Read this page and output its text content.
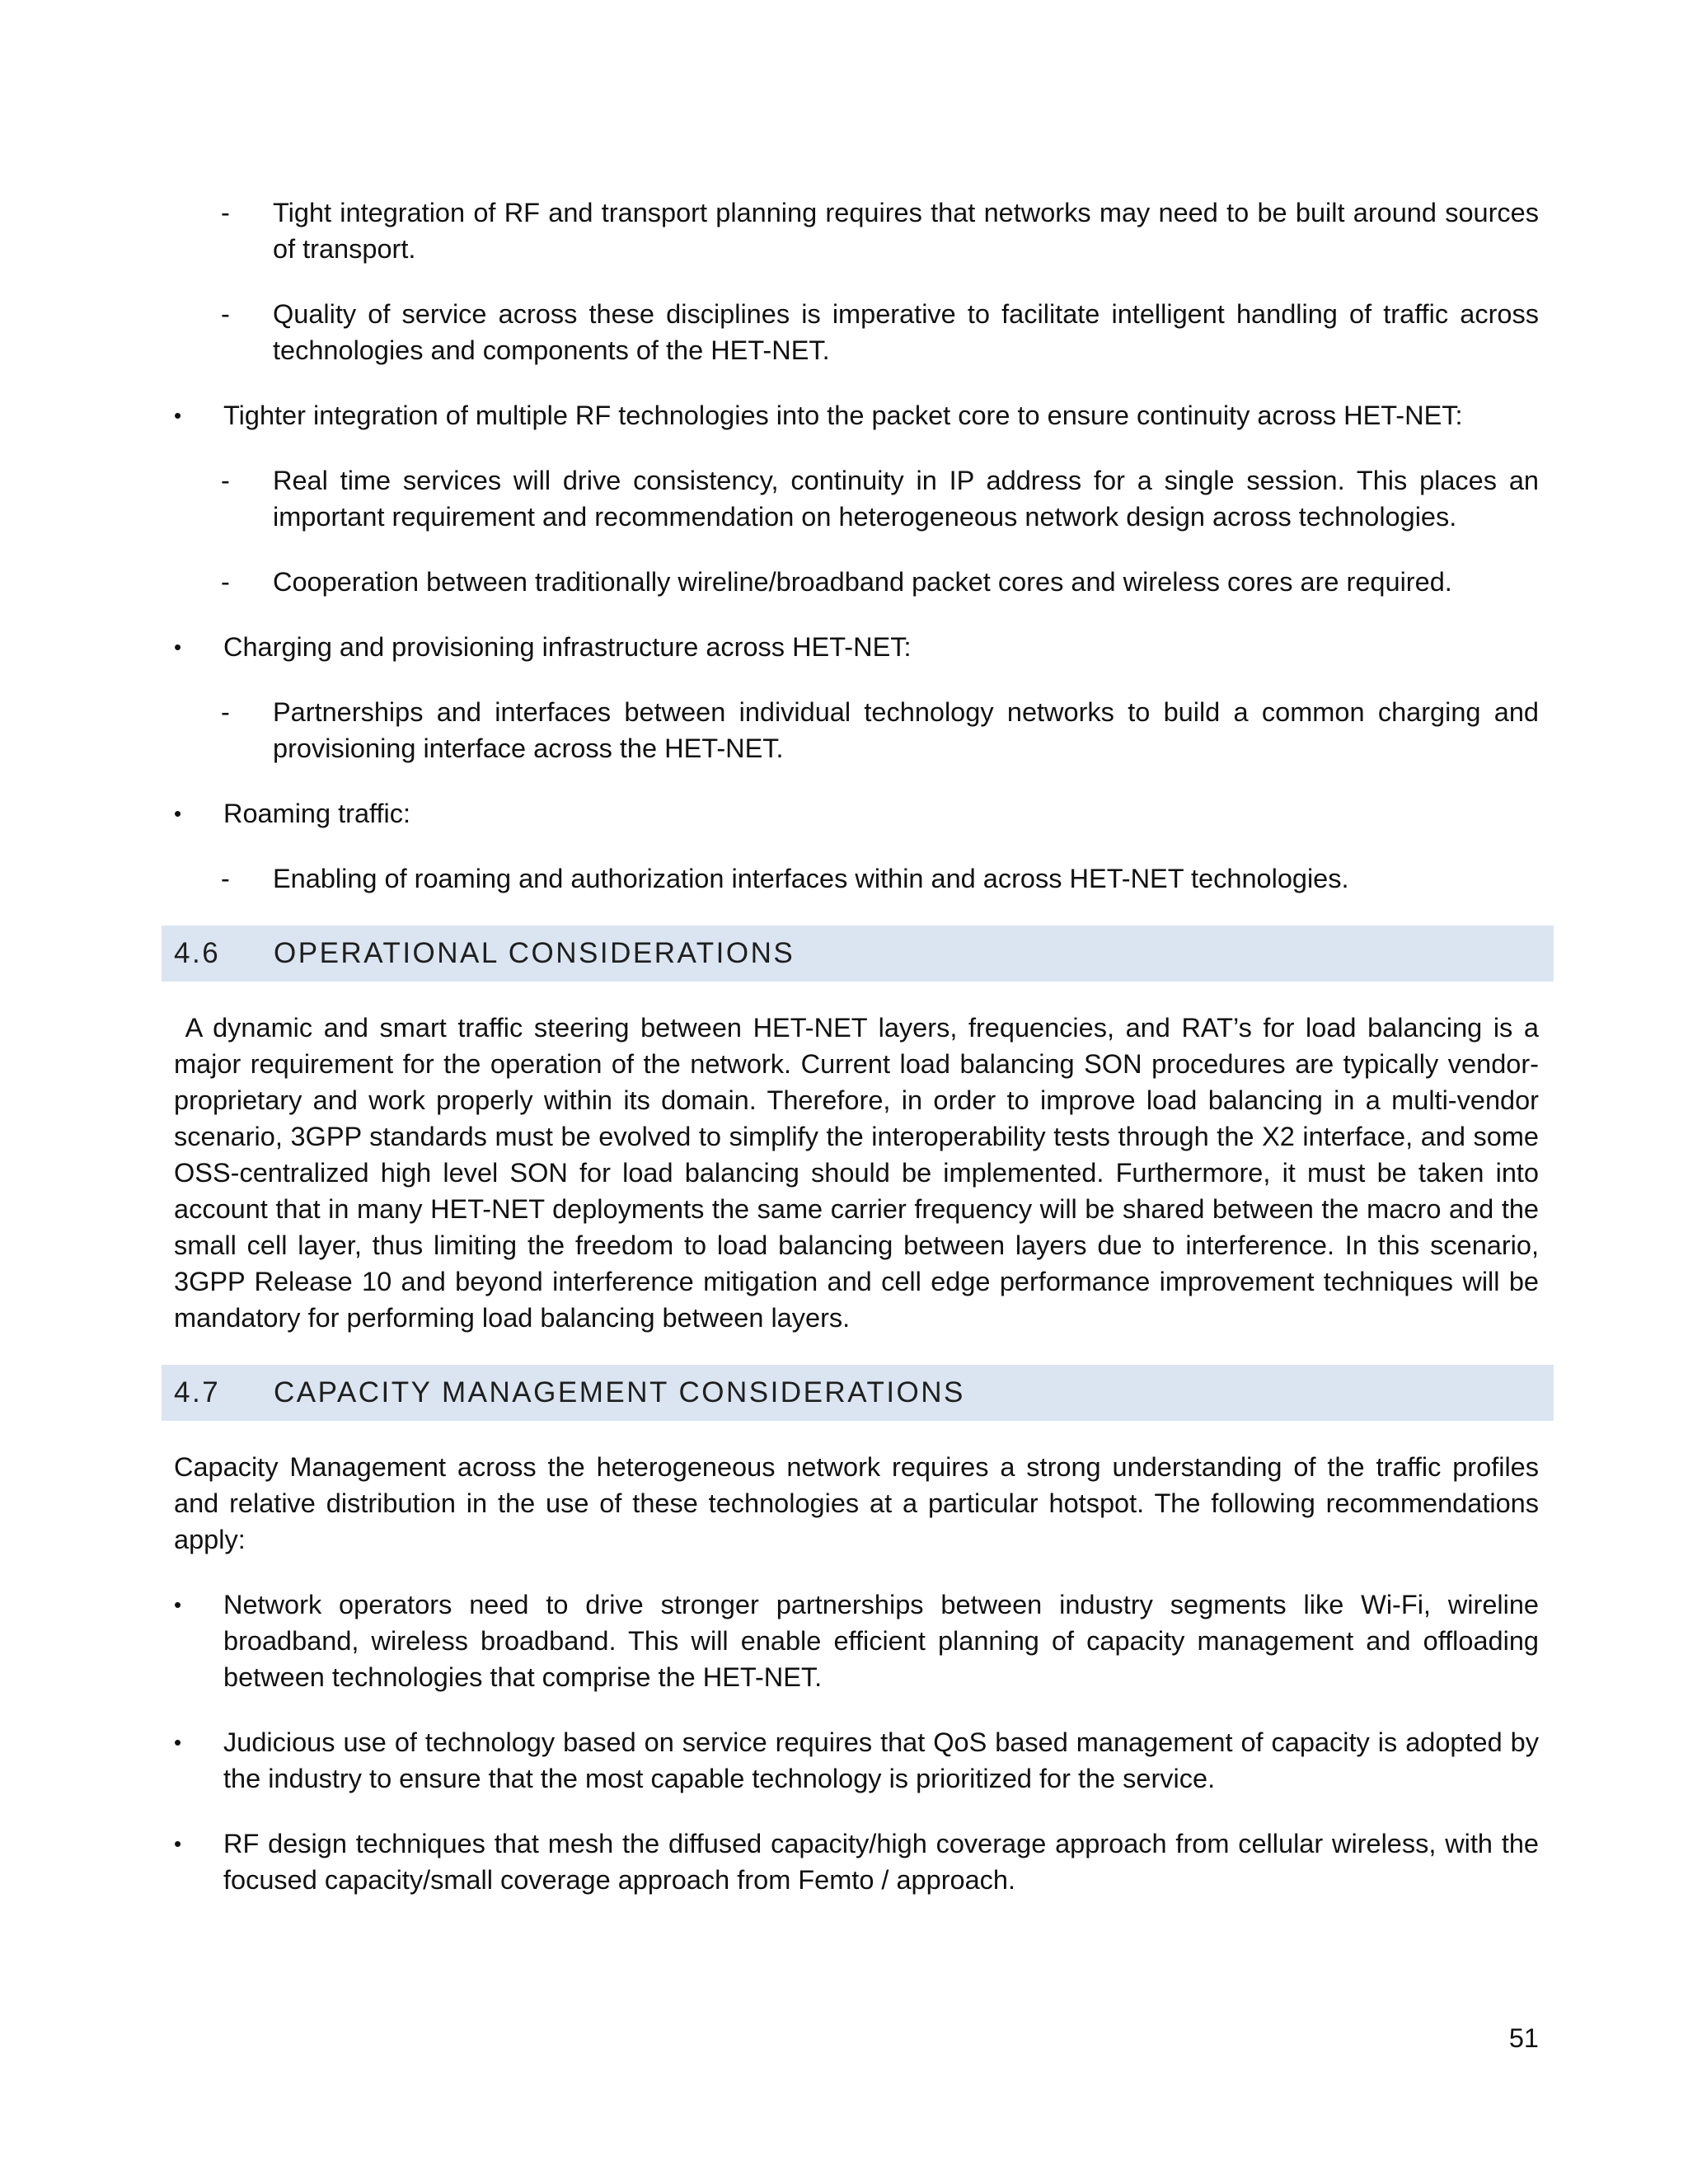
- Tight integration of RF and transport planning requires that networks may need to be built around sources of transport.
- Quality of service across these disciplines is imperative to facilitate intelligent handling of traffic across technologies and components of the HET-NET.
• Tighter integration of multiple RF technologies into the packet core to ensure continuity across HET-NET:
- Real time services will drive consistency, continuity in IP address for a single session. This places an important requirement and recommendation on heterogeneous network design across technologies.
- Cooperation between traditionally wireline/broadband packet cores and wireless cores are required.
• Charging and provisioning infrastructure across HET-NET:
- Partnerships and interfaces between individual technology networks to build a common charging and provisioning interface across the HET-NET.
• Roaming traffic:
- Enabling of roaming and authorization interfaces within and across HET-NET technologies.
4.6	OPERATIONAL CONSIDERATIONS
A dynamic and smart traffic steering between HET-NET layers, frequencies, and RAT’s for load balancing is a major requirement for the operation of the network. Current load balancing SON procedures are typically vendor-proprietary and work properly within its domain. Therefore, in order to improve load balancing in a multi-vendor scenario, 3GPP standards must be evolved to simplify the interoperability tests through the X2 interface, and some OSS-centralized high level SON for load balancing should be implemented. Furthermore, it must be taken into account that in many HET-NET deployments the same carrier frequency will be shared between the macro and the small cell layer, thus limiting the freedom to load balancing between layers due to interference. In this scenario, 3GPP Release 10 and beyond interference mitigation and cell edge performance improvement techniques will be mandatory for performing load balancing between layers.
4.7	CAPACITY MANAGEMENT CONSIDERATIONS
Capacity Management across the heterogeneous network requires a strong understanding of the traffic profiles and relative distribution in the use of these technologies at a particular hotspot. The following recommendations apply:
• Network operators need to drive stronger partnerships between industry segments like Wi-Fi, wireline broadband, wireless broadband. This will enable efficient planning of capacity management and offloading between technologies that comprise the HET-NET.
• Judicious use of technology based on service requires that QoS based management of capacity is adopted by the industry to ensure that the most capable technology is prioritized for the service.
• RF design techniques that mesh the diffused capacity/high coverage approach from cellular wireless, with the focused capacity/small coverage approach from Femto / approach.
51
